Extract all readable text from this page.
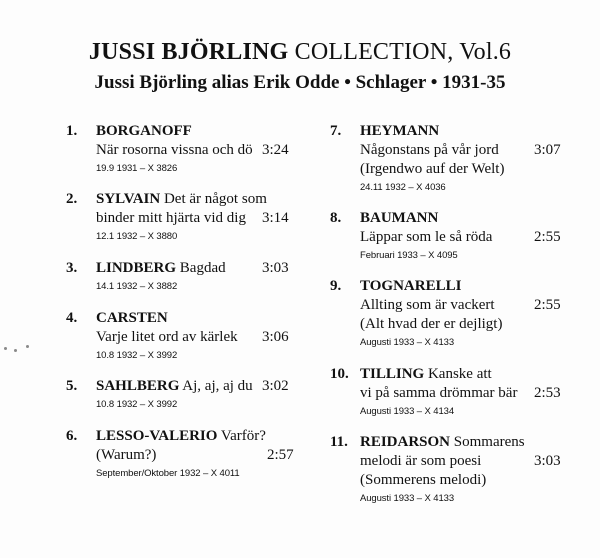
JUSSI BJÖRLING COLLECTION, Vol.6
Jussi Björling alias Erik Odde • Schlager • 1931-35
1. BORGANOFF
När rosorna vissna och dö
19.9 1931 – X 3826
3:24
2. SYLVAIN Det är något som
binder mitt hjärta vid dig
12.1 1932 – X 3880
3:14
3. LINDBERG Bagdad
14.1 1932 – X 3882
3:03
4. CARSTEN
Varje litet ord av kärlek
10.8 1932 – X 3992
3:06
5. SAHLBERG Aj, aj, aj du
10.8 1932 – X 3992
3:02
6. LESSO-VALERIO Varför?
(Warum?)
September/Oktober 1932 – X 4011
2:57
7. HEYMANN
Någonstans på vår jord
(Irgendwo auf der Welt)
24.11 1932 – X 4036
3:07
8. BAUMANN
Läppar som le så röda
Februari 1933 – X 4095
2:55
9. TOGNARELLI
Allting som är vackert
(Alt hvad der er dejligt)
Augusti 1933 – X 4133
2:55
10. TILLING Kanske att
vi på samma drömmar bär
Augusti 1933 – X 4134
2:53
11. REIDARSON Sommarens
melodi är som poesi
(Sommerens melodi)
Augusti 1933 – X 4133
3:03
